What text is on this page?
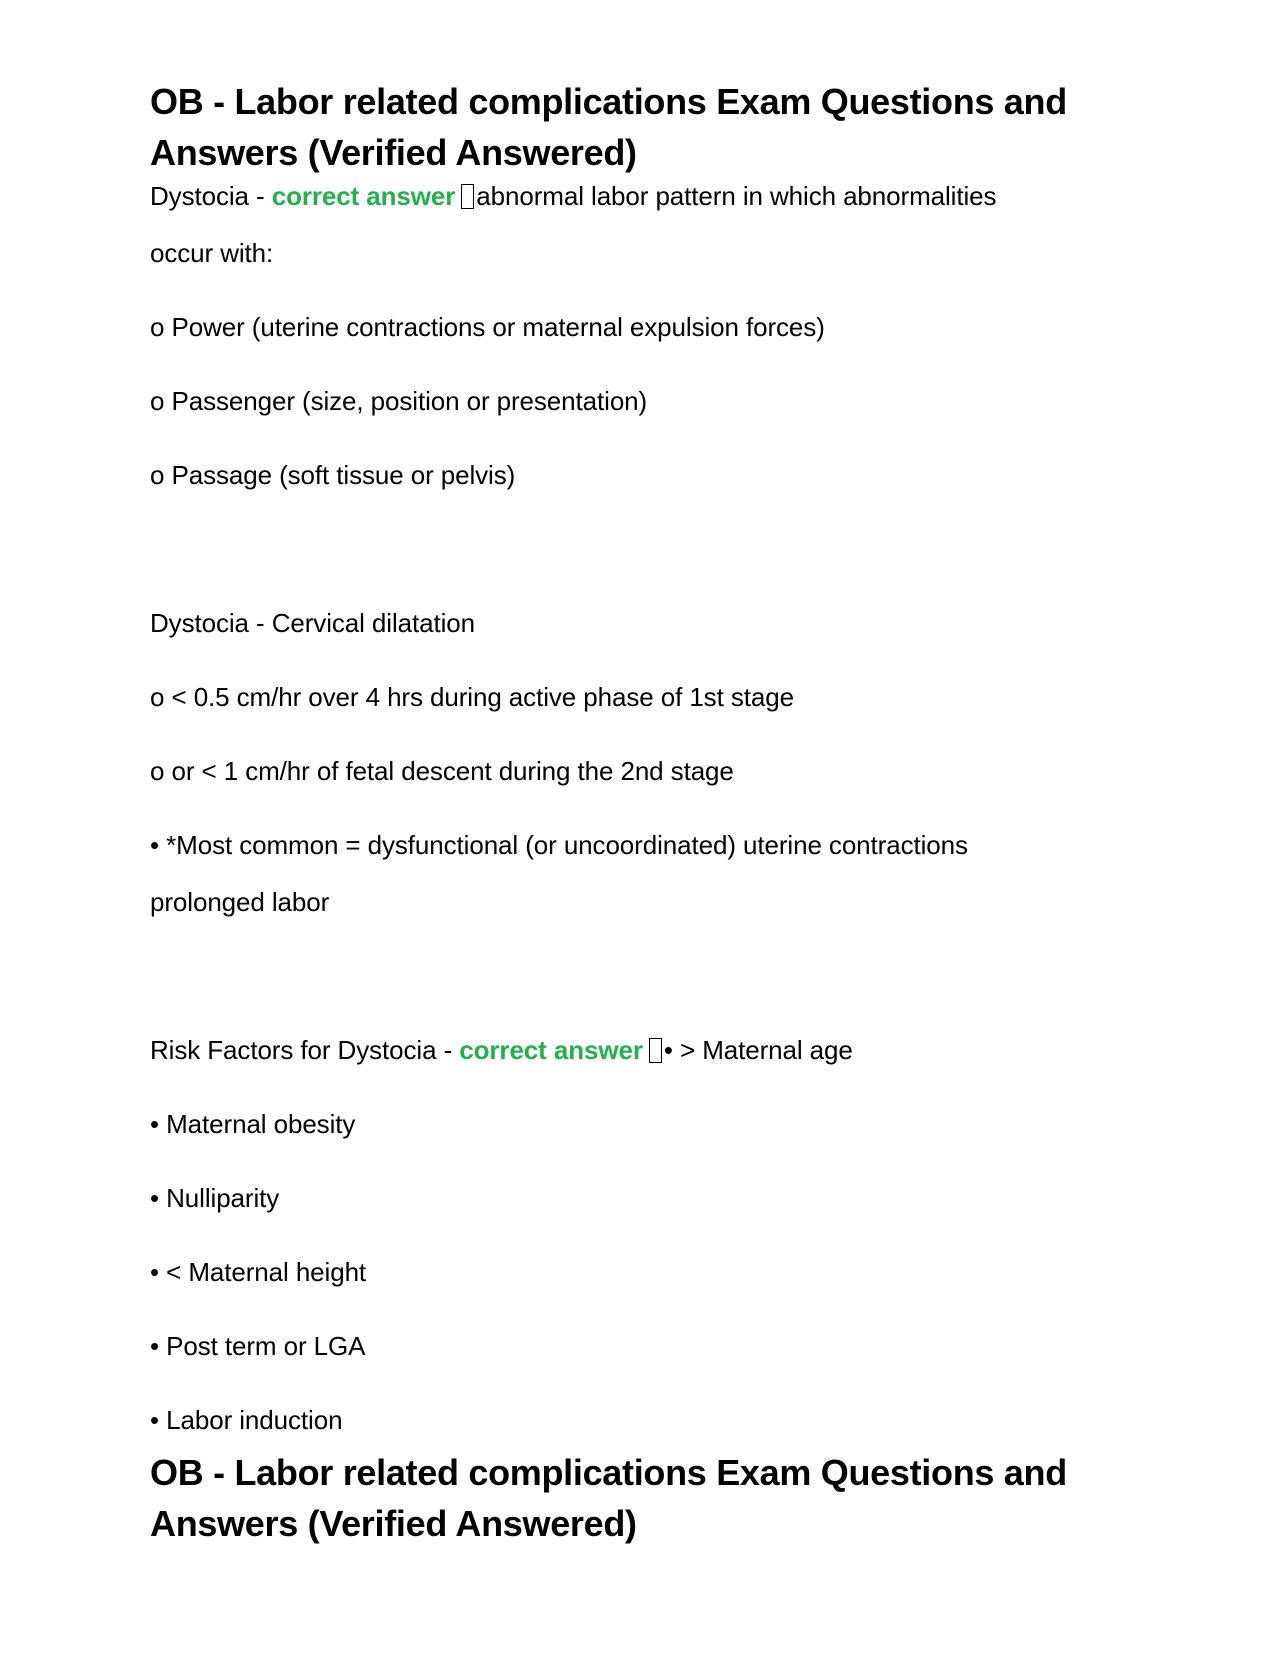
OB - Labor related complications Exam Questions and Answers (Verified Answered)
Dystocia - correct answer abnormal labor pattern in which abnormalities
occur with:
o Power (uterine contractions or maternal expulsion forces)
o Passenger (size, position or presentation)
o Passage (soft tissue or pelvis)
Dystocia - Cervical dilatation
o < 0.5 cm/hr over 4 hrs during active phase of 1st stage
o or < 1 cm/hr of fetal descent during the 2nd stage
• *Most common = dysfunctional (or uncoordinated) uterine contractions
prolonged labor
Risk Factors for Dystocia - correct answer • > Maternal age
• Maternal obesity
• Nulliparity
• < Maternal height
• Post term or LGA
• Labor induction
OB - Labor related complications Exam Questions and Answers (Verified Answered)
